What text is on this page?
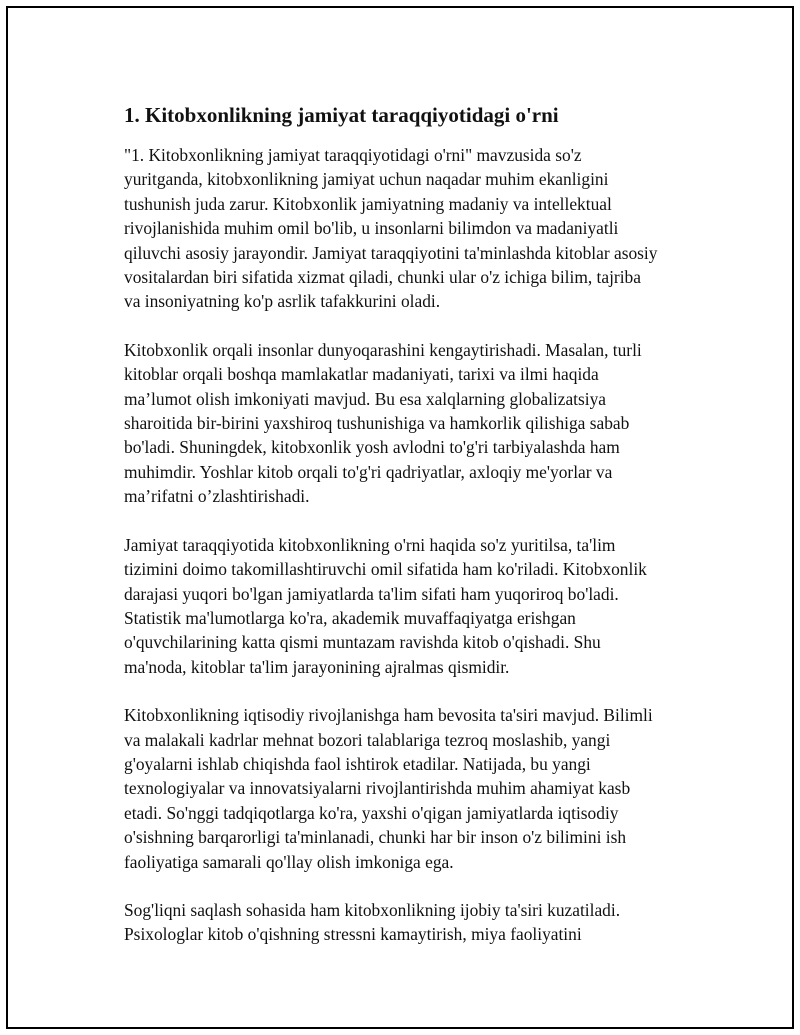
1. Kitobxonlikning jamiyat taraqqiyotidagi o'rni

"1. Kitobxonlikning jamiyat taraqqiyotidagi o'rni" mavzusida so'z
yuritganda, kitobxonlikning jamiyat uchun naqadar muhim ekanligini
tushunish juda zarur. Kitobxonlik jamiyatning madaniy va intellektual
rivojlanishida muhim omil bo'lib, u insonlarni bilimdon va madaniyatli
qiluvchi asosiy jarayondir. Jamiyat taraqqiyotini ta'minlashda kitoblar asosiy
vositalardan biri sifatida xizmat qiladi, chunki ular o'z ichiga bilim, tajriba
va insoniyatning ko'p asrlik tafakkurini oladi.

Kitobxonlik orqali insonlar dunyoqarashini kengaytirishadi. Masalan, turli
kitoblar orqali boshqa mamlakatlar madaniyati, tarixi va ilmi haqida
ma’lumot olish imkoniyati mavjud. Bu esa xalqlarning globalizatsiya
sharoitida bir-birini yaxshiroq tushunishiga va hamkorlik qilishiga sabab
bo'ladi. Shuningdek, kitobxonlik yosh avlodni to'g'ri tarbiyalashda ham
muhimdir. Yoshlar kitob orqali to'g'ri qadriyatlar, axloqiy me'yorlar va
ma’rifatni o’zlashtirishadi.

Jamiyat taraqqiyotida kitobxonlikning o'rni haqida so'z yuritilsa, ta'lim
tizimini doimo takomillashtiruvchi omil sifatida ham ko'riladi. Kitobxonlik
darajasi yuqori bo'lgan jamiyatlarda ta'lim sifati ham yuqoriroq bo'ladi.
Statistik ma'lumotlarga ko'ra, akademik muvaffaqiyatga erishgan
o'quvchilarining katta qismi muntazam ravishda kitob o'qishadi. Shu
ma'noda, kitoblar ta'lim jarayonining ajralmas qismidir.

Kitobxonlikning iqtisodiy rivojlanishga ham bevosita ta'siri mavjud. Bilimli
va malakali kadrlar mehnat bozori talablariga tezroq moslashib, yangi
g'oyalarni ishlab chiqishda faol ishtirok etadilar. Natijada, bu yangi
texnologiyalar va innovatsiyalarni rivojlantirishda muhim ahamiyat kasb
etadi. So'nggi tadqiqotlarga ko'ra, yaxshi o'qigan jamiyatlarda iqtisodiy
o'sishning barqarorligi ta'minlanadi, chunki har bir inson o'z bilimini ish
faoliyatiga samarali qo'llay olish imkoniga ega.

Sog'liqni saqlash sohasida ham kitobxonlikning ijobiy ta'siri kuzatiladi.
Psixologlar kitob o'qishning stressni kamaytirish, miya faoliyatini
